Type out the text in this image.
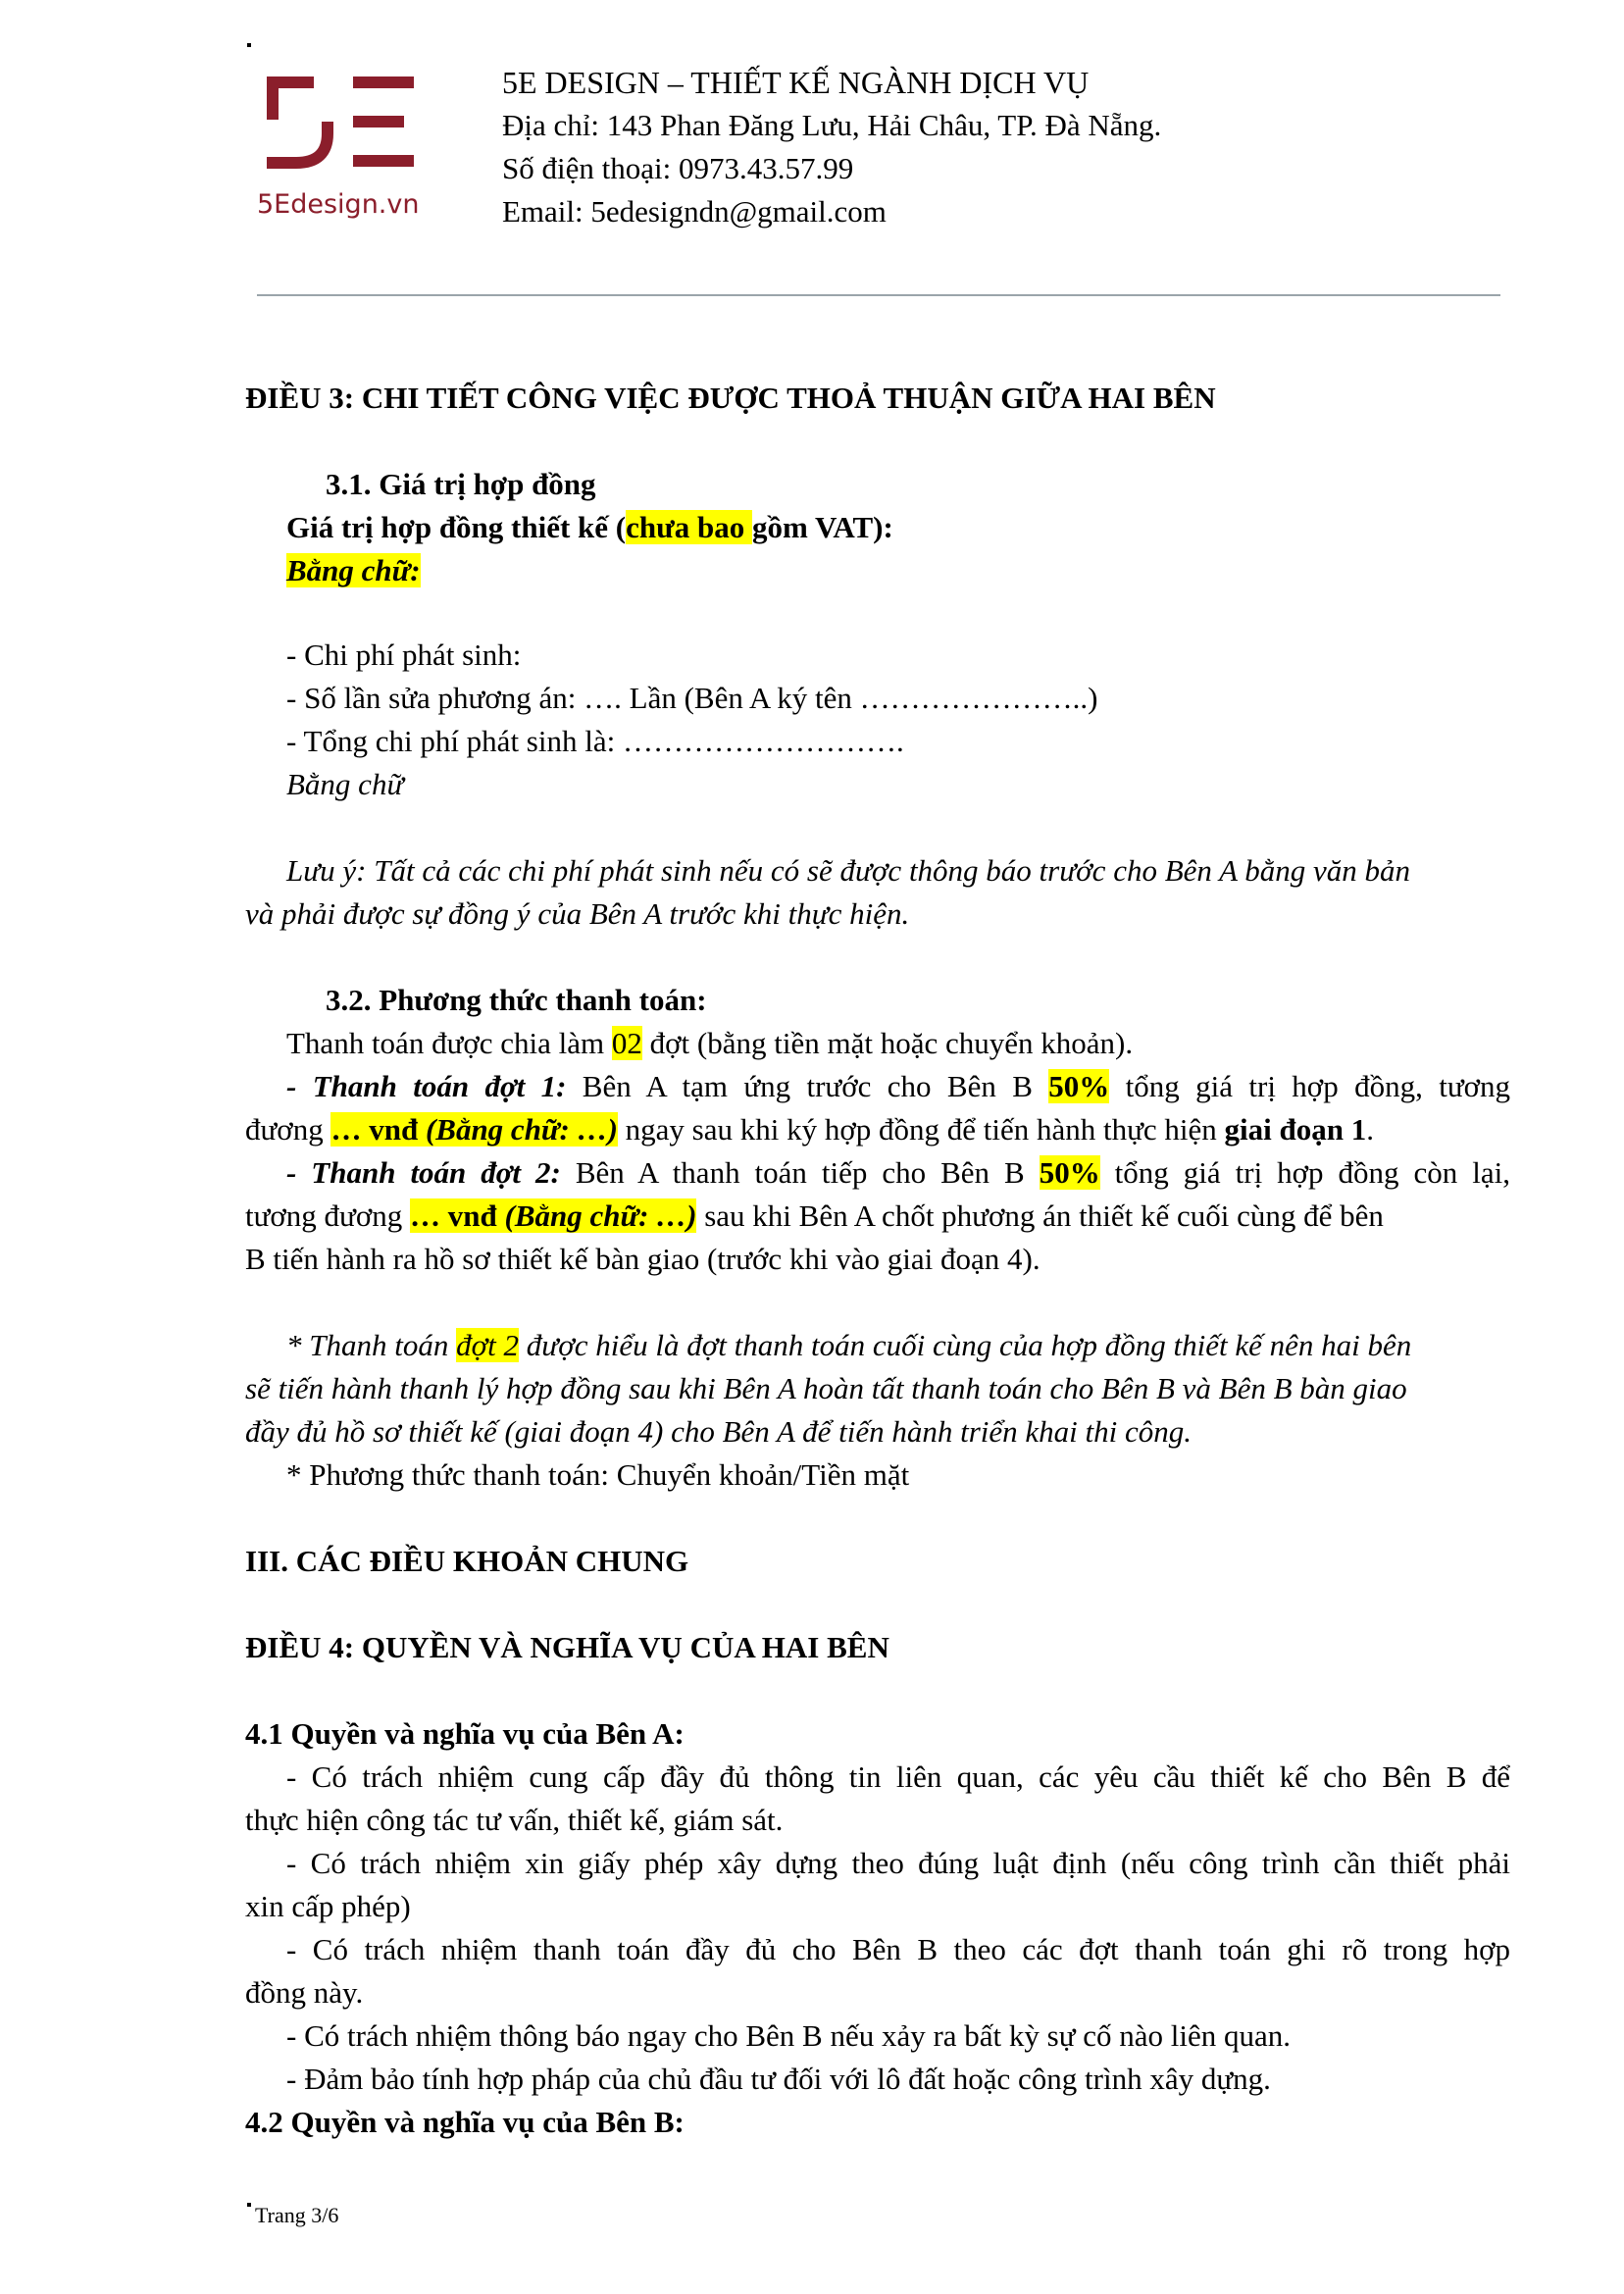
5Edesign.vn
5E DESIGN – THIẾT KẾ NGÀNH DỊCH VỤ
Địa chỉ: 143 Phan Đăng Lưu, Hải Châu, TP. Đà Nẵng.
Số điện thoại: 0973.43.57.99
Email: 5edesigndn@gmail.com
ĐIỀU 3: CHI TIẾT CÔNG VIỆC ĐƯỢC THOẢ THUẬN GIỮA HAI BÊN
3.1. Giá trị hợp đồng
Giá trị hợp đồng thiết kế (chưa bao gồm VAT):
Bằng chữ:
- Chi phí phát sinh:
- Số lần sửa phương án: …. Lần (Bên A ký tên …………………..)
- Tổng chi phí phát sinh là: ……………………….
Bằng chữ
Lưu ý: Tất cả các chi phí phát sinh nếu có sẽ được thông báo trước cho Bên A bằng văn bản
và phải được sự đồng ý của Bên A trước khi thực hiện.
3.2. Phương thức thanh toán:
Thanh toán được chia làm 02 đợt (bằng tiền mặt hoặc chuyển khoản).
- Thanh toán đợt 1: Bên A tạm ứng trước cho Bên B 50% tổng giá trị hợp đồng, tương
đương … vnđ (Bằng chữ: …) ngay sau khi ký hợp đồng để tiến hành thực hiện giai đoạn 1.
- Thanh toán đợt 2: Bên A thanh toán tiếp cho Bên B 50% tổng giá trị hợp đồng còn lại,
tương đương … vnđ (Bằng chữ: …) sau khi Bên A chốt phương án thiết kế cuối cùng để bên
B tiến hành ra hồ sơ thiết kế bàn giao (trước khi vào giai đoạn 4).
* Thanh toán đợt 2 được hiểu là đợt thanh toán cuối cùng của hợp đồng thiết kế nên hai bên
sẽ tiến hành thanh lý hợp đồng sau khi Bên A hoàn tất thanh toán cho Bên B và Bên B bàn giao
đầy đủ hồ sơ thiết kế (giai đoạn 4) cho Bên A để tiến hành triển khai thi công.
* Phương thức thanh toán: Chuyển khoản/Tiền mặt
III. CÁC ĐIỀU KHOẢN CHUNG
ĐIỀU 4: QUYỀN VÀ NGHĨA VỤ CỦA HAI BÊN
4.1 Quyền và nghĩa vụ của Bên A:
- Có trách nhiệm cung cấp đầy đủ thông tin liên quan, các yêu cầu thiết kế cho Bên B để
thực hiện công tác tư vấn, thiết kế, giám sát.
- Có trách nhiệm xin giấy phép xây dựng theo đúng luật định (nếu công trình cần thiết phải
xin cấp phép)
- Có trách nhiệm thanh toán đầy đủ cho Bên B theo các đợt thanh toán ghi rõ trong hợp
đồng này.
- Có trách nhiệm thông báo ngay cho Bên B nếu xảy ra bất kỳ sự cố nào liên quan.
- Đảm bảo tính hợp pháp của chủ đầu tư đối với lô đất hoặc công trình xây dựng.
4.2 Quyền và nghĩa vụ của Bên B:
Trang 3/6
